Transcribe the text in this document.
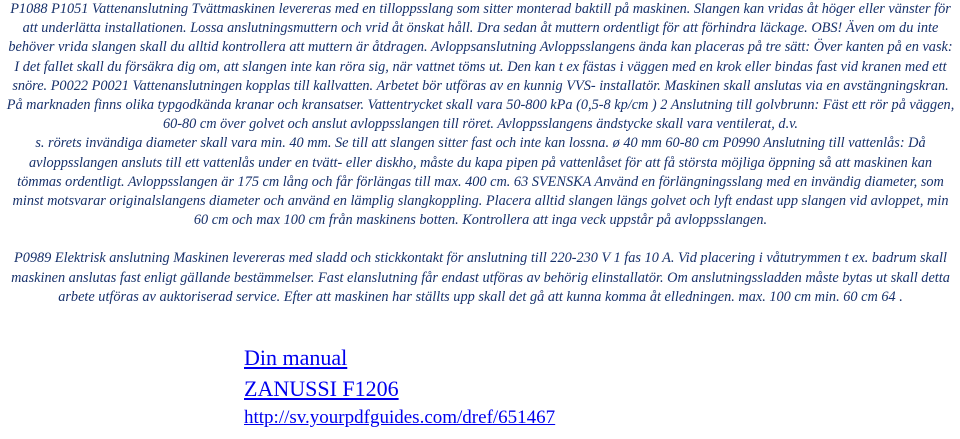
P1088 P1051 Vattenanslutning Tvättmaskinen levereras med en tilloppsslang som sitter monterad baktill på maskinen. Slangen kan vridas åt höger eller vänster för att underlätta installationen. Lossa anslutningsmuttern och vrid åt önskat håll. Dra sedan åt muttern ordentligt för att förhindra läckage. OBS! Även om du inte behöver vrida slangen skall du alltid kontrollera att muttern är åtdragen. Avloppsanslutning Avloppsslangens ända kan placeras på tre sätt: Över kanten på en vask: I det fallet skall du försäkra dig om, att slangen inte kan röra sig, när vattnet töms ut. Den kan t ex fästas i väggen med en krok eller bindas fast vid kranen med ett snöre. P0022 P0021 Vattenanslutningen kopplas till kallvatten. Arbetet bör utföras av en kunnig VVS- installatör. Maskinen skall anslutas via en avstängningskran. På marknaden finns olika typgodkända kranar och kransatser. Vattentrycket skall vara 50-800 kPa (0,5-8 kp/cm ) 2 Anslutning till golvbrunn: Fäst ett rör på väggen, 60-80 cm över golvet och anslut avloppsslangen till röret. Avloppsslangens ändstycke skall vara ventilerat, d.v.

s. rörets invändiga diameter skall vara min. 40 mm. Se till att slangen sitter fast och inte kan lossna. ø 40 mm 60-80 cm P0990 Anslutning till vattenlås: Då avloppsslangen ansluts till ett vattenlås under en tvätt- eller diskho, måste du kapa pipen på vattenlåset för att få största möjliga öppning så att maskinen kan tömmas ordentligt. Avloppsslangen är 175 cm lång och får förlängas till max. 400 cm. 63 SVENSKA Använd en förlängningsslang med en invändig diameter, som minst motsvarar originalslangens diameter och använd en lämplig slangkoppling. Placera alltid slangen längs golvet och lyft endast upp slangen vid avloppet, min 60 cm och max 100 cm från maskinens botten. Kontrollera att inga veck uppstår på avloppsslangen.

P0989 Elektrisk anslutning Maskinen levereras med sladd och stickkontakt för anslutning till 220-230 V 1 fas 10 A. Vid placering i våtutrymmen t ex. badrum skall maskinen anslutas fast enligt gällande bestämmelser. Fast elanslutning får endast utföras av behörig elinstallatör. Om anslutningssladden måste bytas ut skall detta arbete utföras av auktoriserad service. Efter att maskinen har ställts upp skall det gå att kunna komma åt elledningen. max. 100 cm min. 60 cm 64 .

Din manual
ZANUSSI F1206
http://sv.yourpdfguides.com/dref/651467
